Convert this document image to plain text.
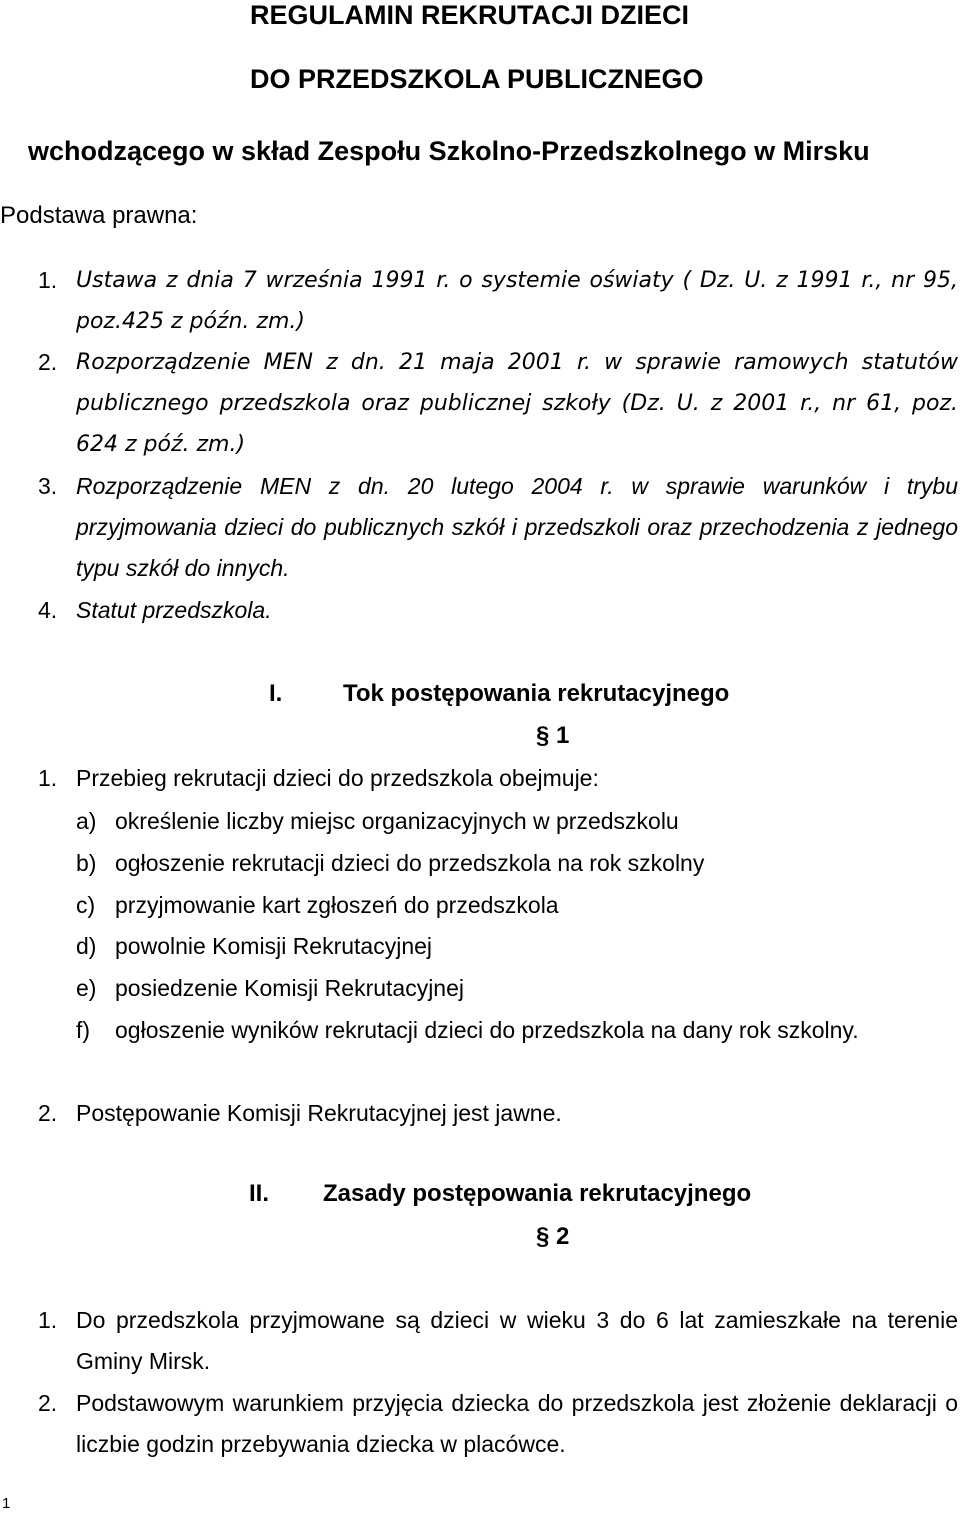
REGULAMIN REKRUTACJI DZIECI
DO PRZEDSZKOLA PUBLICZNEGO
wchodzącego w skład Zespołu Szkolno-Przedszkolnego w Mirsku
Podstawa prawna:
1. Ustawa z dnia 7 września 1991 r. o systemie oświaty ( Dz. U. z 1991 r., nr 95, poz.425 z późn. zm.)
2. Rozporządzenie MEN z dn. 21 maja 2001 r. w sprawie ramowych statutów publicznego przedszkola oraz publicznej szkoły (Dz. U. z 2001 r., nr 61, poz. 624 z póź. zm.)
3. Rozporządzenie MEN z dn. 20 lutego 2004 r. w sprawie warunków i trybu przyjmowania dzieci do publicznych szkół i przedszkoli oraz przechodzenia z jednego typu szkół do innych.
4. Statut przedszkola.
I.	Tok postępowania rekrutacyjnego
§ 1
1. Przebieg rekrutacji dzieci do przedszkola obejmuje:
a) określenie liczby miejsc organizacyjnych w przedszkolu
b) ogłoszenie rekrutacji dzieci do przedszkola na rok szkolny
c) przyjmowanie kart zgłoszeń do przedszkola
d) powolnie Komisji Rekrutacyjnej
e) posiedzenie Komisji Rekrutacyjnej
f) ogłoszenie wyników rekrutacji dzieci do przedszkola na dany rok szkolny.
2. Postępowanie Komisji Rekrutacyjnej jest jawne.
II. Zasady postępowania rekrutacyjnego
§ 2
1. Do przedszkola przyjmowane są dzieci w wieku 3 do 6 lat zamieszkałe na terenie Gminy Mirsk.
2. Podstawowym warunkiem przyjęcia dziecka do przedszkola jest złożenie deklaracji o liczbie godzin przebywania dziecka w placówce.
1
